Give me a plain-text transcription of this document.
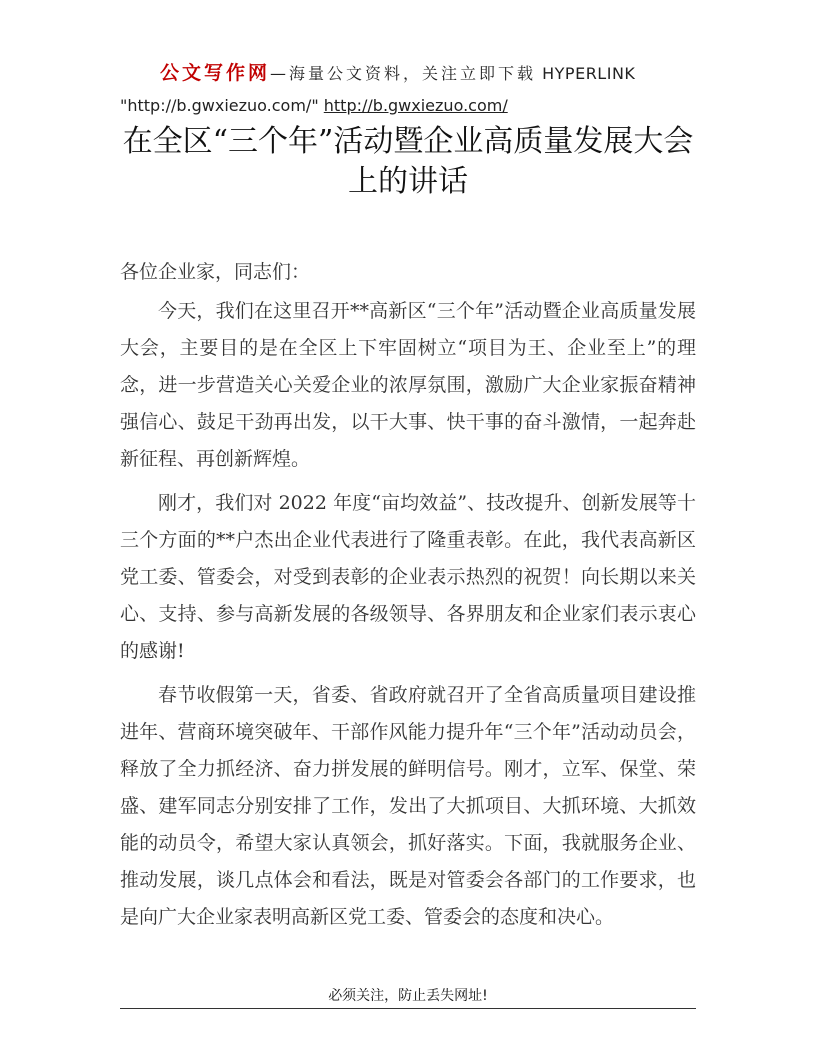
公文写作网—海量公文资料，关注立即下载 HYPERLINK
"http://b.gwxiezuo.com/" http://b.gwxiezuo.com/
在全区“三个年”活动暨企业高质量发展大会上的讲话

各位企业家，同志们：

今天，我们在这里召开**高新区“三个年”活动暨企业高质量发展大会，主要目的是在全区上下牢固树立“项目为王、企业至上”的理念，进一步营造关心关爱企业的浓厚氛围，激励广大企业家振奋精神强信心、鼓足干劲再出发，以干大事、快干事的奋斗激情，一起奔赴新征程、再创新辉煌。

刚才，我们对 2022 年度“亩均效益”、技改提升、创新发展等十三个方面的**户杰出企业代表进行了隆重表彰。在此，我代表高新区党工委、管委会，对受到表彰的企业表示热烈的祝贺！向长期以来关心、支持、参与高新发展的各级领导、各界朋友和企业家们表示衷心的感谢!

春节收假第一天，省委、省政府就召开了全省高质量项目建设推进年、营商环境突破年、干部作风能力提升年“三个年”活动动员会，释放了全力抓经济、奋力拼发展的鲜明信号。刚才，立军、保堂、荣盛、建军同志分别安排了工作，发出了大抓项目、大抓环境、大抓效能的动员令，希望大家认真领会，抓好落实。下面，我就服务企业、推动发展，谈几点体会和看法，既是对管委会各部门的工作要求，也是向广大企业家表明高新区党工委、管委会的态度和决心。

必须关注，防止丢失网址!
